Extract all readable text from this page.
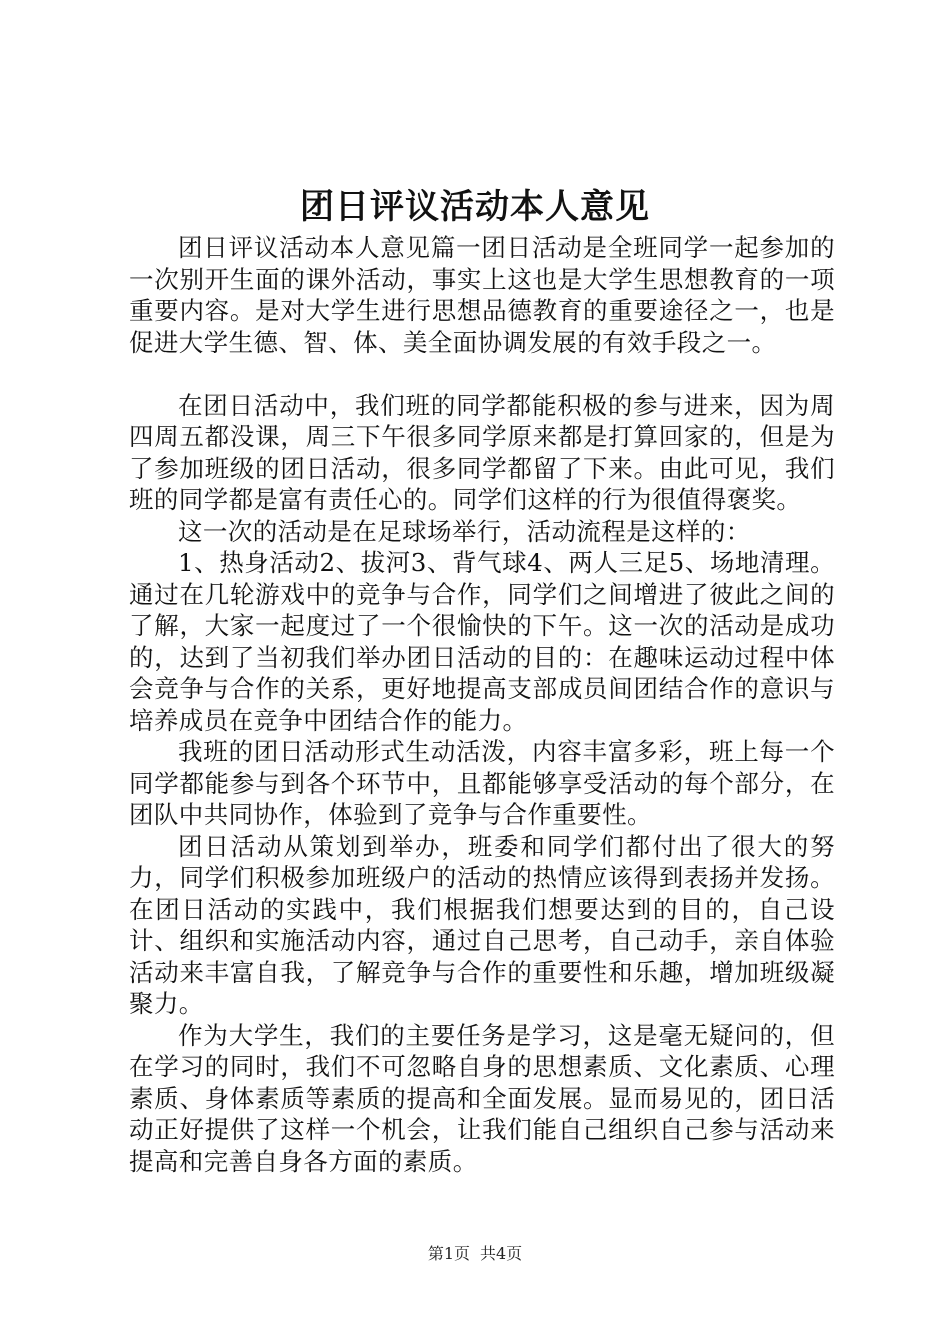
团日评议活动本人意见

团日评议活动本人意见篇一团日活动是全班同学一起参加的一次别开生面的课外活动，事实上这也是大学生思想教育的一项重要内容。是对大学生进行思想品德教育的重要途径之一，也是促进大学生德、智、体、美全面协调发展的有效手段之一。

在团日活动中，我们班的同学都能积极的参与进来，因为周四周五都没课，周三下午很多同学原来都是打算回家的，但是为了参加班级的团日活动，很多同学都留了下来。由此可见，我们班的同学都是富有责任心的。同学们这样的行为很值得褒奖。

这一次的活动是在足球场举行，活动流程是这样的：

1、热身活动2、拔河3、背气球4、两人三足5、场地清理。通过在几轮游戏中的竞争与合作，同学们之间增进了彼此之间的了解，大家一起度过了一个很愉快的下午。这一次的活动是成功的，达到了当初我们举办团日活动的目的：在趣味运动过程中体会竞争与合作的关系，更好地提高支部成员间团结合作的意识与培养成员在竞争中团结合作的能力。

我班的团日活动形式生动活泼，内容丰富多彩，班上每一个同学都能参与到各个环节中，且都能够享受活动的每个部分，在团队中共同协作，体验到了竞争与合作重要性。

团日活动从策划到举办，班委和同学们都付出了很大的努力，同学们积极参加班级户的活动的热情应该得到表扬并发扬。在团日活动的实践中，我们根据我们想要达到的目的，自己设计、组织和实施活动内容，通过自己思考，自己动手，亲自体验活动来丰富自我，了解竞争与合作的重要性和乐趣，增加班级凝聚力。

作为大学生，我们的主要任务是学习，这是毫无疑问的，但在学习的同时，我们不可忽略自身的思想素质、文化素质、心理素质、身体素质等素质的提高和全面发展。显而易见的，团日活动正好提供了这样一个机会，让我们能自己组织自己参与活动来提高和完善自身各方面的素质。

第1页 共4页
